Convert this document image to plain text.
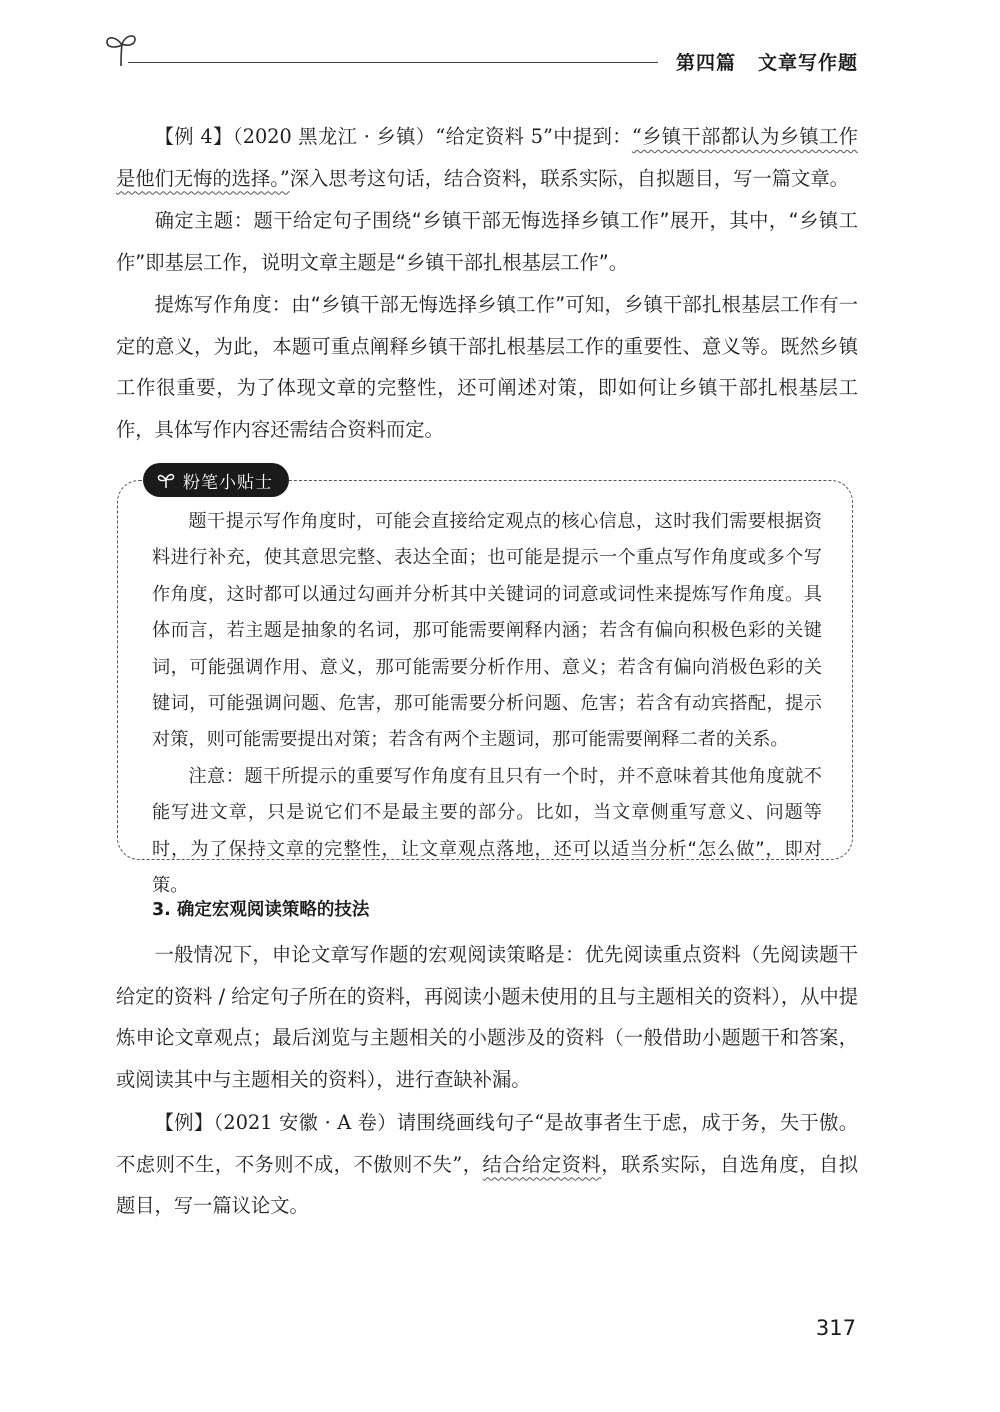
第四篇 文章写作题

【例 4】（2020 黑龙江 · 乡镇）“给定资料 5”中提到：“乡镇干部都认为乡镇工作是他们无悔的选择。”深入思考这句话，结合资料，联系实际，自拟题目，写一篇文章。

确定主题：题干给定句子围绕“乡镇干部无悔选择乡镇工作”展开，其中，“乡镇工作”即基层工作，说明文章主题是“乡镇干部扎根基层工作”。

提炼写作角度：由“乡镇干部无悔选择乡镇工作”可知，乡镇干部扎根基层工作有一定的意义，为此，本题可重点阐释乡镇干部扎根基层工作的重要性、意义等。既然乡镇工作很重要，为了体现文章的完整性，还可阐述对策，即如何让乡镇干部扎根基层工作，具体写作内容还需结合资料而定。

粉笔小贴士

题干提示写作角度时，可能会直接给定观点的核心信息，这时我们需要根据资料进行补充，使其意思完整、表达全面；也可能是提示一个重点写作角度或多个写作角度，这时都可以通过勾画并分析其中关键词的词意或词性来提炼写作角度。具体而言，若主题是抽象的名词，那可能需要阐释内涵；若含有偏向积极色彩的关键词，可能强调作用、意义，那可能需要分析作用、意义；若含有偏向消极色彩的关键词，可能强调问题、危害，那可能需要分析问题、危害；若含有动宾搭配，提示对策，则可能需要提出对策；若含有两个主题词，那可能需要阐释二者的关系。

注意：题干所提示的重要写作角度有且只有一个时，并不意味着其他角度就不能写进文章，只是说它们不是最主要的部分。比如，当文章侧重写意义、问题等时，为了保持文章的完整性，让文章观点落地，还可以适当分析“怎么做”，即对策。

3. 确定宏观阅读策略的技法

一般情况下，申论文章写作题的宏观阅读策略是：优先阅读重点资料（先阅读题干给定的资料 / 给定句子所在的资料，再阅读小题未使用的且与主题相关的资料），从中提炼申论文章观点；最后浏览与主题相关的小题涉及的资料（一般借助小题题干和答案，或阅读其中与主题相关的资料），进行查缺补漏。

【例】（2021 安徽 · A 卷）请围绕画线句子“是故事者生于虑，成于务，失于傲。不虑则不生，不务则不成，不傲则不失”，结合给定资料，联系实际，自选角度，自拟题目，写一篇议论文。

317
